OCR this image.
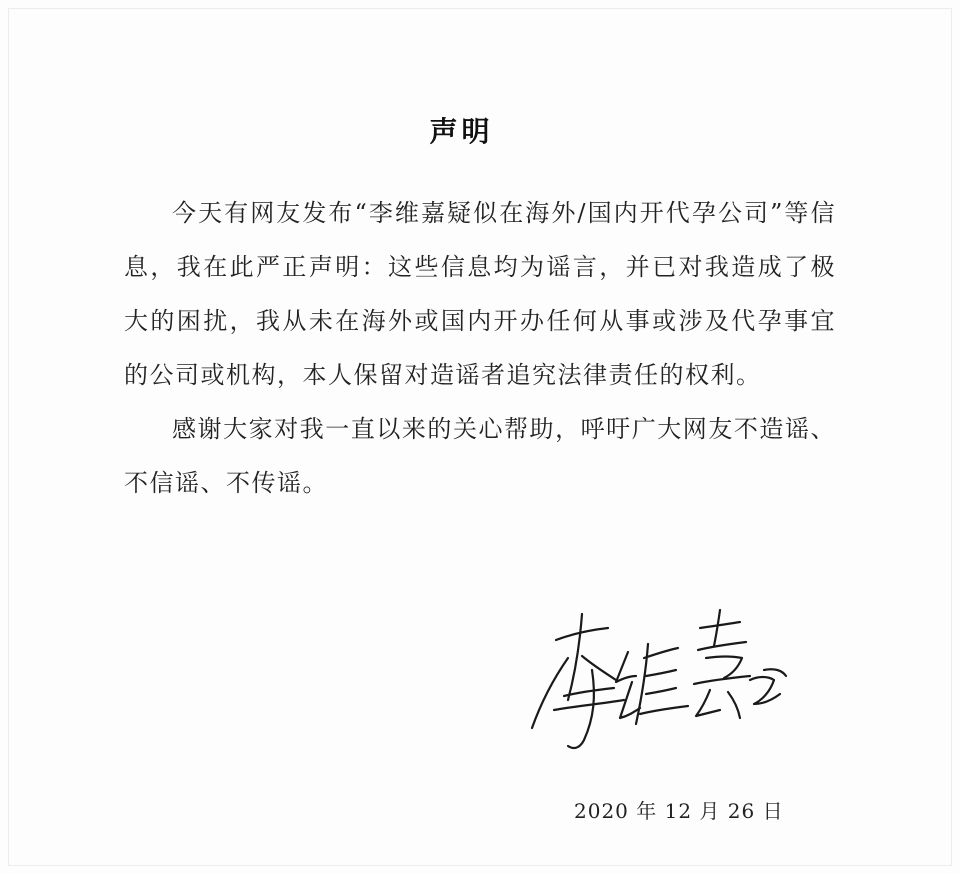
声明

今天有网友发布“李维嘉疑似在海外/国内开代孕公司”等信息，我在此严正声明：这些信息均为谣言，并已对我造成了极大的困扰，我从未在海外或国内开办任何从事或涉及代孕事宜的公司或机构，本人保留对造谣者追究法律责任的权利。

感谢大家对我一直以来的关心帮助，呼吁广大网友不造谣、不信谣、不传谣。

2020 年 12 月 26 日
